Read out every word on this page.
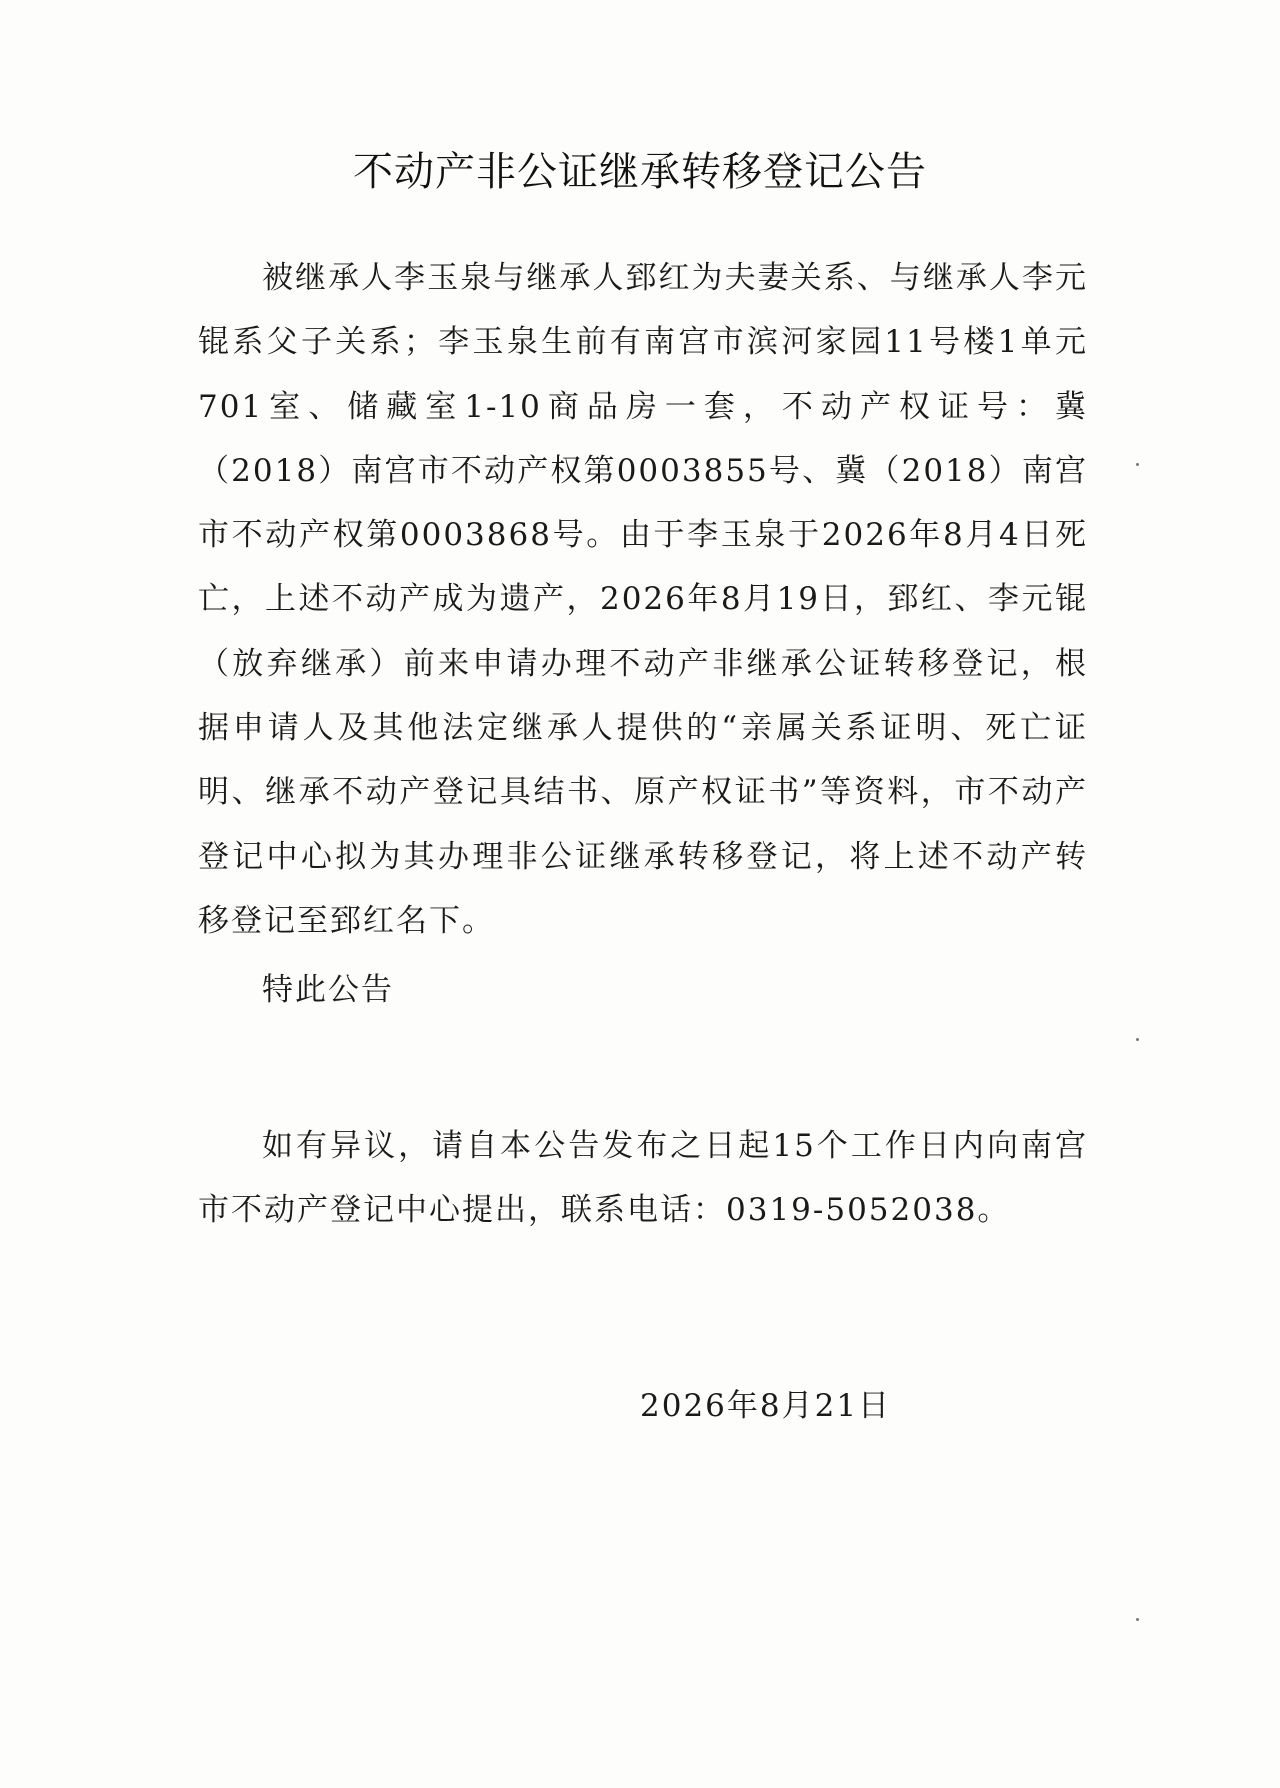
不动产非公证继承转移登记公告

被继承人李玉泉与继承人郅红为夫妻关系、与继承人李元锟系父子关系；李玉泉生前有南宫市滨河家园11号楼1单元701室、储藏室1-10商品房一套，不动产权证号：冀（2018）南宫市不动产权第0003855号、冀（2018）南宫市不动产权第0003868号。由于李玉泉于2026年8月4日死亡，上述不动产成为遗产，2026年8月19日，郅红、李元锟（放弃继承）前来申请办理不动产非继承公证转移登记，根据申请人及其他法定继承人提供的“亲属关系证明、死亡证明、继承不动产登记具结书、原产权证书”等资料，市不动产登记中心拟为其办理非公证继承转移登记，将上述不动产转移登记至郅红名下。

特此公告

如有异议，请自本公告发布之日起15个工作日内向南宫市不动产登记中心提出，联系电话：0319-5052038。

2026年8月21日
